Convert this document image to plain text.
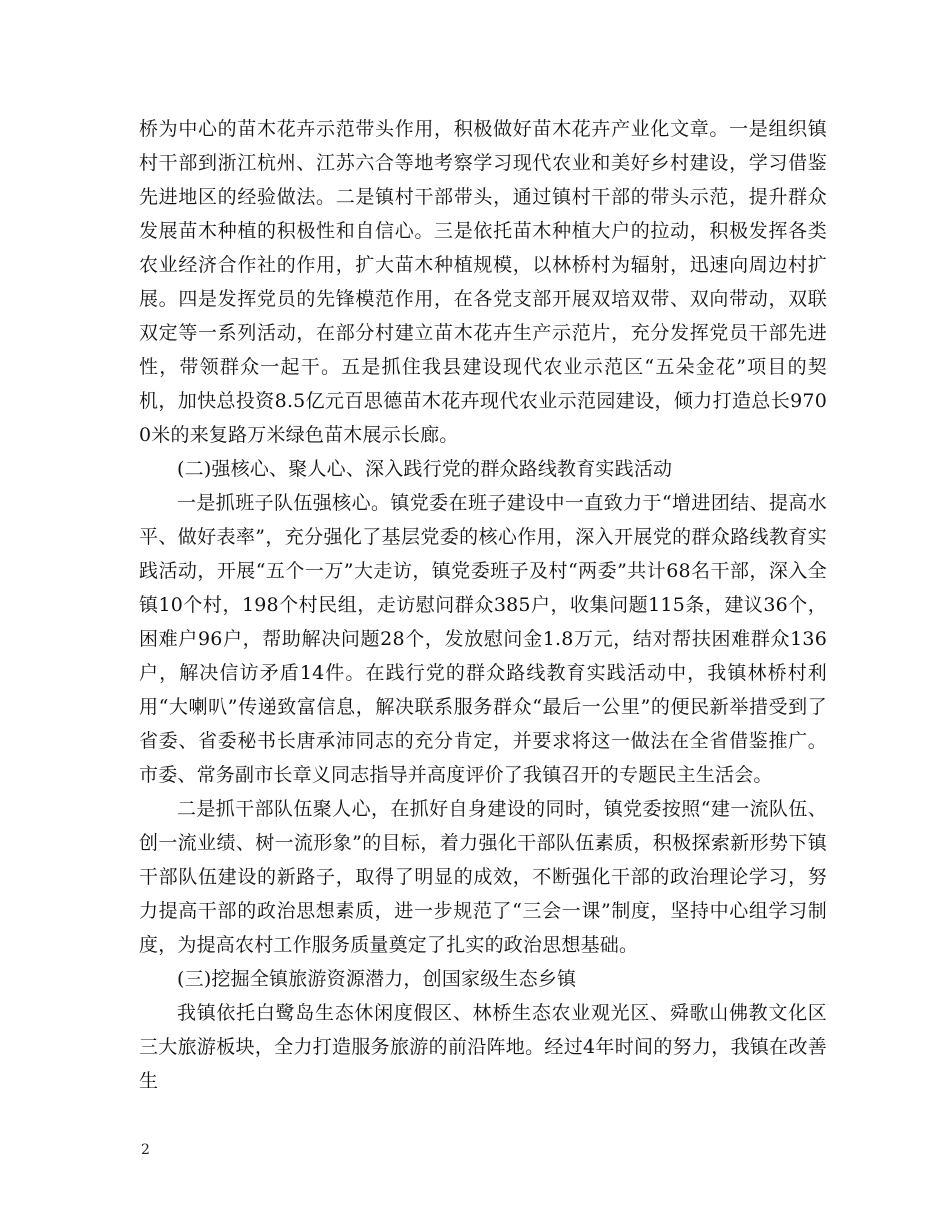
桥为中心的苗木花卉示范带头作用，积极做好苗木花卉产业化文章。一是组织镇村干部到浙江杭州、江苏六合等地考察学习现代农业和美好乡村建设，学习借鉴先进地区的经验做法。二是镇村干部带头，通过镇村干部的带头示范，提升群众发展苗木种植的积极性和自信心。三是依托苗木种植大户的拉动，积极发挥各类农业经济合作社的作用，扩大苗木种植规模，以林桥村为辐射，迅速向周边村扩展。四是发挥党员的先锋模范作用，在各党支部开展双培双带、双向带动，双联双定等一系列活动，在部分村建立苗木花卉生产示范片，充分发挥党员干部先进性，带领群众一起干。五是抓住我县建设现代农业示范区“五朵金花”项目的契机，加快总投资8.5亿元百思德苗木花卉现代农业示范园建设，倾力打造总长9700米的来复路万米绿色苗木展示长廊。

(二)强核心、聚人心、深入践行党的群众路线教育实践活动

一是抓班子队伍强核心。镇党委在班子建设中一直致力于“增进团结、提高水平、做好表率”，充分强化了基层党委的核心作用，深入开展党的群众路线教育实践活动，开展“五个一万”大走访，镇党委班子及村“两委”共计68名干部，深入全镇10个村，198个村民组，走访慰问群众385户，收集问题115条，建议36个，困难户96户，帮助解决问题28个，发放慰问金1.8万元，结对帮扶困难群众136户，解决信访矛盾14件。在践行党的群众路线教育实践活动中，我镇林桥村利用“大喇叭”传递致富信息，解决联系服务群众“最后一公里”的便民新举措受到了省委、省委秘书长唐承沛同志的充分肯定，并要求将这一做法在全省借鉴推广。市委、常务副市长章义同志指导并高度评价了我镇召开的专题民主生活会。

二是抓干部队伍聚人心，在抓好自身建设的同时，镇党委按照“建一流队伍、创一流业绩、树一流形象”的目标，着力强化干部队伍素质，积极探索新形势下镇干部队伍建设的新路子，取得了明显的成效，不断强化干部的政治理论学习，努力提高干部的政治思想素质，进一步规范了“三会一课”制度，坚持中心组学习制度，为提高农村工作服务质量奠定了扎实的政治思想基础。

(三)挖掘全镇旅游资源潜力，创国家级生态乡镇

我镇依托白鹭岛生态休闲度假区、林桥生态农业观光区、舜歌山佛教文化区三大旅游板块，全力打造服务旅游的前沿阵地。经过4年时间的努力，我镇在改善生

2
